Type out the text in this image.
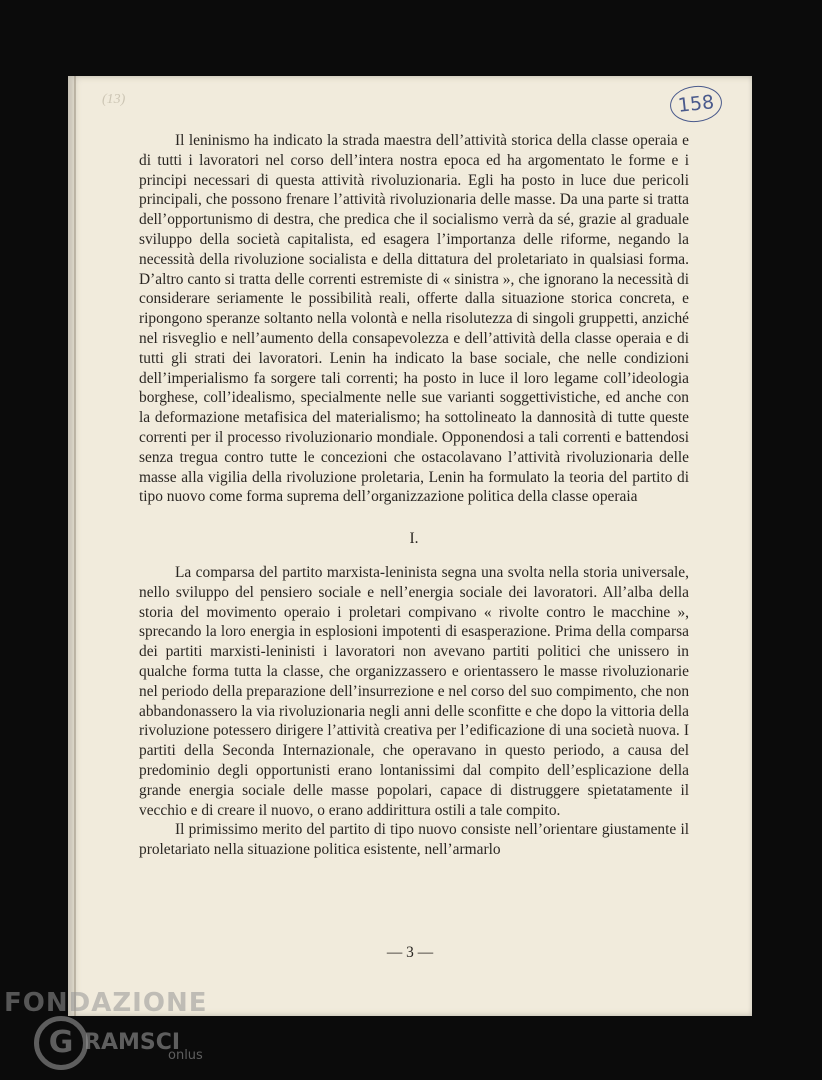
(13)	158

Il leninismo ha indicato la strada maestra dell’attività storica della classe operaia e di tutti i lavoratori nel corso dell’intera nostra epoca ed ha argomentato le forme e i principi necessari di questa attività rivoluzionaria. Egli ha posto in luce due pericoli principali, che possono frenare l’attività rivoluzionaria delle masse. Da una parte si tratta dell’opportunismo di destra, che predica che il socialismo verrà da sé, grazie al graduale sviluppo della società capitalista, ed esagera l’importanza delle riforme, negando la necessità della rivoluzione socialista e della dittatura del proletariato in qualsiasi forma. D’altro canto si tratta delle correnti estremiste di « sinistra », che ignorano la necessità di considerare seriamente le possibilità reali, offerte dalla situazione storica concreta, e ripongono speranze soltanto nella volontà e nella risolutezza di singoli gruppetti, anziché nel risveglio e nell’aumento della consapevolezza e dell’attività della classe operaia e di tutti gli strati dei lavoratori. Lenin ha indicato la base sociale, che nelle condizioni dell’imperialismo fa sorgere tali correnti; ha posto in luce il loro legame coll’ideologia borghese, coll’idealismo, specialmente nelle sue varianti soggettivistiche, ed anche con la deformazione metafisica del materialismo; ha sottolineato la dannosità di tutte queste correnti per il processo rivoluzionario mondiale. Opponendosi a tali correnti e battendosi senza tregua contro tutte le concezioni che ostacolavano l’attività rivoluzionaria delle masse alla vigilia della rivoluzione proletaria, Lenin ha formulato la teoria del partito di tipo nuovo come forma suprema dell’organizzazione politica della classe operaia

I.

La comparsa del partito marxista-leninista segna una svolta nella storia universale, nello sviluppo del pensiero sociale e nell’energia sociale dei lavoratori. All’alba della storia del movimento operaio i proletari compivano « rivolte contro le macchine », sprecando la loro energia in esplosioni impotenti di esasperazione. Prima della comparsa dei partiti marxisti-leninisti i lavoratori non avevano partiti politici che unissero in qualche forma tutta la classe, che organizzassero e orientassero le masse rivoluzionarie nel periodo della preparazione dell’insurrezione e nel corso del suo compimento, che non abbandonassero la via rivoluzionaria negli anni delle sconfitte e che dopo la vittoria della rivoluzione potessero dirigere l’attività creativa per l’edificazione di una società nuova. I partiti della Seconda Internazionale, che operavano in questo periodo, a causa del predominio degli opportunisti erano lontanissimi dal compito dell’esplicazione della grande energia sociale delle masse popolari, capace di distruggere spietatamente il vecchio e di creare il nuovo, o erano addirittura ostili a tale compito.

Il primissimo merito del partito di tipo nuovo consiste nell’orientare giustamente il proletariato nella situazione politica esistente, nell’armarlo

— 3 —
FONDAZIONE
G RAMSCI
onlus
